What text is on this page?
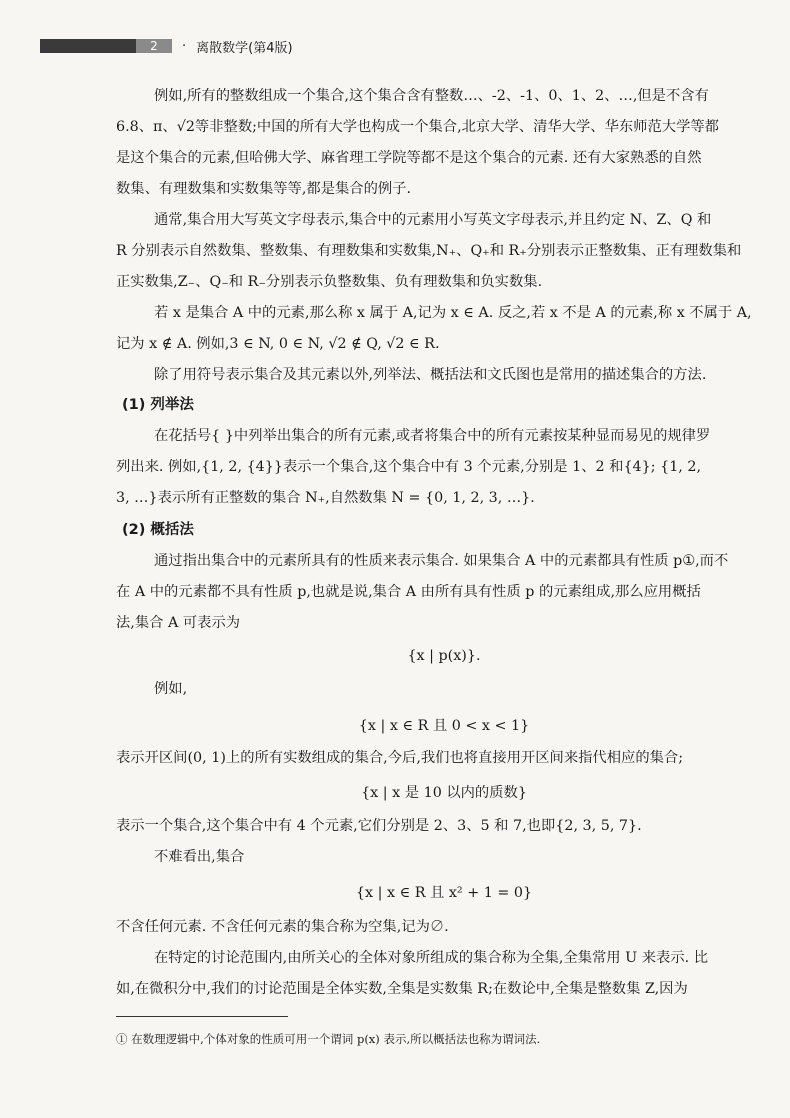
2	· 离散数学(第4版)
例如,所有的整数组成一个集合,这个集合含有整数…、-2、-1、0、1、2、…,但是不含有
6.8、π、√2等非整数;中国的所有大学也构成一个集合,北京大学、清华大学、华东师范大学等都
是这个集合的元素,但哈佛大学、麻省理工学院等都不是这个集合的元素. 还有大家熟悉的自然
数集、有理数集和实数集等等,都是集合的例子.
通常,集合用大写英文字母表示,集合中的元素用小写英文字母表示,并且约定 N、Z、Q 和
R 分别表示自然数集、整数集、有理数集和实数集,N₊、Q₊和 R₊分别表示正整数集、正有理数集和
正实数集,Z₋、Q₋和 R₋分别表示负整数集、负有理数集和负实数集.
若 x 是集合 A 中的元素,那么称 x 属于 A,记为 x ∈ A. 反之,若 x 不是 A 的元素,称 x 不属于 A,
记为 x ∉ A. 例如,3 ∈ N, 0 ∈ N, √2 ∉ Q, √2 ∈ R.
除了用符号表示集合及其元素以外,列举法、概括法和文氏图也是常用的描述集合的方法.
(1) 列举法
在花括号{ }中列举出集合的所有元素,或者将集合中的所有元素按某种显而易见的规律罗
列出来. 例如,{1, 2, {4}}表示一个集合,这个集合中有 3 个元素,分别是 1、2 和{4}; {1, 2,
3, …}表示所有正整数的集合 N₊,自然数集 N = {0, 1, 2, 3, …}.
(2) 概括法
通过指出集合中的元素所具有的性质来表示集合. 如果集合 A 中的元素都具有性质 p①,而不
在 A 中的元素都不具有性质 p,也就是说,集合 A 由所有具有性质 p 的元素组成,那么应用概括
法,集合 A 可表示为
{x | p(x)}.
例如,
{x | x ∈ R 且 0 < x < 1}
表示开区间(0, 1)上的所有实数组成的集合,今后,我们也将直接用开区间来指代相应的集合;
{x | x 是 10 以内的质数}
表示一个集合,这个集合中有 4 个元素,它们分别是 2、3、5 和 7,也即{2, 3, 5, 7}.
不难看出,集合
{x | x ∈ R 且 x² + 1 = 0}
不含任何元素. 不含任何元素的集合称为空集,记为∅.
在特定的讨论范围内,由所关心的全体对象所组成的集合称为全集,全集常用 U 来表示. 比
如,在微积分中,我们的讨论范围是全体实数,全集是实数集 R;在数论中,全集是整数集 Z,因为
① 在数理逻辑中,个体对象的性质可用一个谓词 p(x) 表示,所以概括法也称为谓词法.
